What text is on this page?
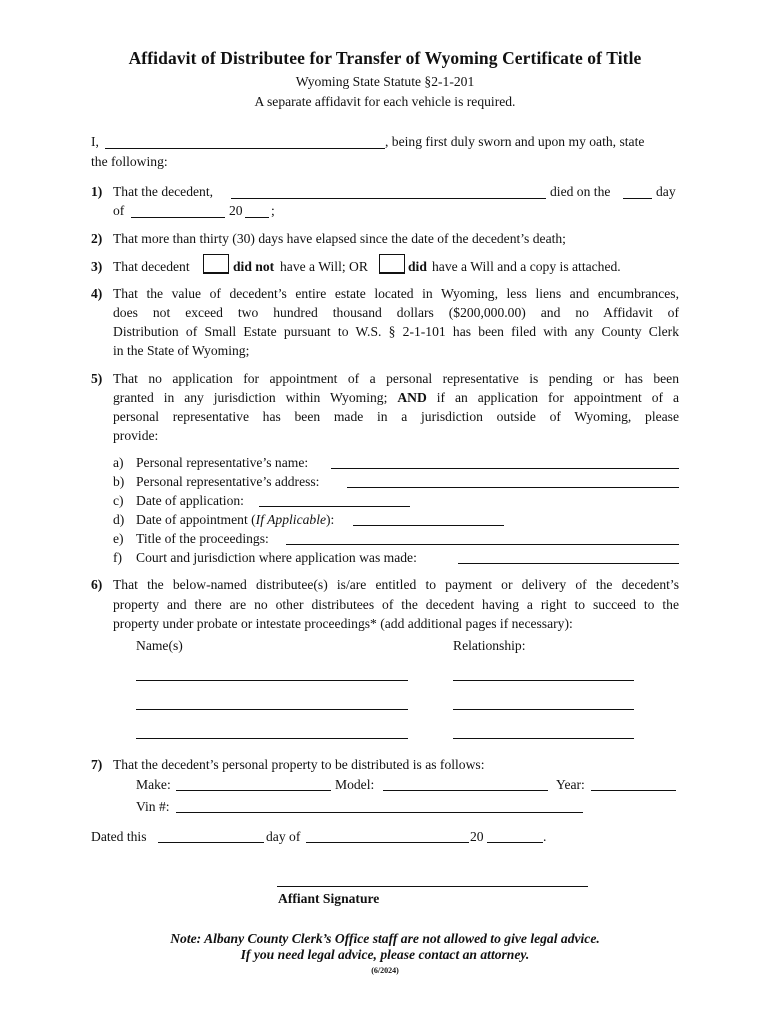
Affidavit of Distributee for Transfer of Wyoming Certificate of Title
Wyoming State Statute §2-1-201
A separate affidavit for each vehicle is required.
I,	, being first duly sworn and upon my oath, state
the following:
1) That the decedent,	died on the	day
of	20 ;
2) That more than thirty (30) days have elapsed since the date of the decedent’s death;
3) That decedent	did not have a Will; OR	did have a Will and a copy is attached.
4) That the value of decedent’s entire estate located in Wyoming, less liens and encumbrances,
does not exceed two hundred thousand dollars ($200,000.00) and no Affidavit of
Distribution of Small Estate pursuant to W.S. § 2-1-101 has been filed with any County Clerk
in the State of Wyoming;
5) That no application for appointment of a personal representative is pending or has been
granted in any jurisdiction within Wyoming; AND if an application for appointment of a
personal representative has been made in a jurisdiction outside of Wyoming, please
provide:
a) Personal representative’s name:
b) Personal representative’s address:
c) Date of application:
d) Date of appointment (If Applicable):
e) Title of the proceedings:
f) Court and jurisdiction where application was made:
6) That the below-named distributee(s) is/are entitled to payment or delivery of the decedent’s
property and there are no other distributees of the decedent having a right to succeed to the
property under probate or intestate proceedings* (add additional pages if necessary):
Name(s)	Relationship:
7) That the decedent’s personal property to be distributed is as follows:
Make:	Model:	Year:
Vin #:
Dated this	day of	20	.
Affiant Signature
Note: Albany County Clerk’s Office staff are not allowed to give legal advice.
If you need legal advice, please contact an attorney.
(6/2024)
